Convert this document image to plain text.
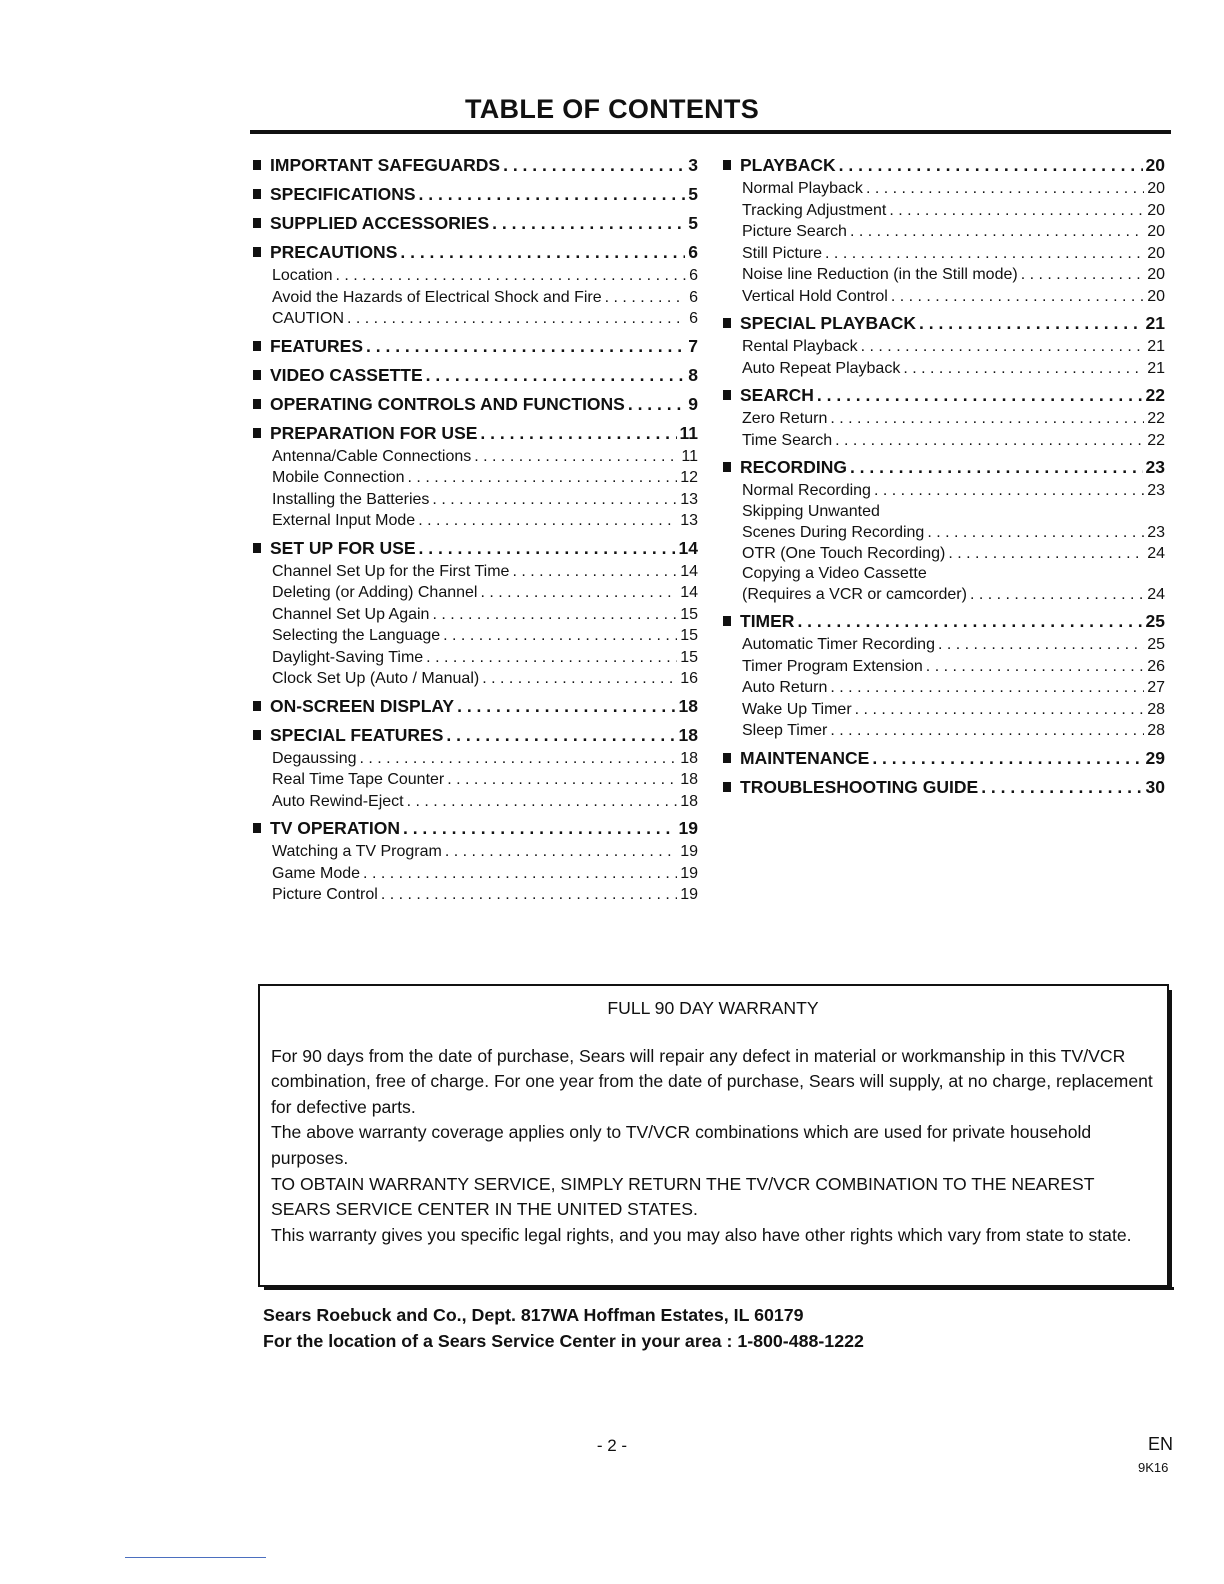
TABLE OF CONTENTS
IMPORTANT SAFEGUARDS . . .	3
SPECIFICATIONS . . .	5
SUPPLIED ACCESSORIES . . .	5
PRECAUTIONS . . .	6
Location . . .	6
Avoid the Hazards of Electrical Shock and Fire . . .	6
CAUTION . . .	6
FEATURES . . .	7
VIDEO CASSETTE . . .	8
OPERATING CONTROLS AND FUNCTIONS . . .	9
PREPARATION FOR USE . . .	11
Antenna/Cable Connections . . .	11
Mobile Connection . . .	12
Installing the Batteries . . .	13
External Input Mode . . .	13
SET UP FOR USE . . .	14
Channel Set Up for the First Time . . .	14
Deleting (or Adding) Channel . . .	14
Channel Set Up Again . . .	15
Selecting the Language . . .	15
Daylight-Saving Time . . .	15
Clock Set Up (Auto / Manual) . . .	16
ON-SCREEN DISPLAY . . .	18
SPECIAL FEATURES . . .	18
Degaussing . . .	18
Real Time Tape Counter . . .	18
Auto Rewind-Eject . . .	18
TV OPERATION . . .	19
Watching a TV Program . . .	19
Game Mode . . .	19
Picture Control . . .	19
PLAYBACK . . .	20
Normal Playback . . .	20
Tracking Adjustment . . .	20
Picture Search . . .	20
Still Picture . . .	20
Noise line Reduction (in the Still mode) . . .	20
Vertical Hold Control . . .	20
SPECIAL PLAYBACK . . .	21
Rental Playback . . .	21
Auto Repeat Playback . . .	21
SEARCH . . .	22
Zero Return . . .	22
Time Search . . .	22
RECORDING . . .	23
Normal Recording . . .	23
Skipping Unwanted
Scenes During Recording . . .	23
OTR (One Touch Recording) . . .	24
Copying a Video Cassette
(Requires a VCR or camcorder) . . .	24
TIMER . . .	25
Automatic Timer Recording . . .	25
Timer Program Extension . . .	26
Auto Return . . .	27
Wake Up Timer . . .	28
Sleep Timer . . .	28
MAINTENANCE . . .	29
TROUBLESHOOTING GUIDE . . .	30
FULL 90 DAY WARRANTY

For 90 days from the date of purchase, Sears will repair any defect in material or workmanship in this TV/VCR combination, free of charge. For one year from the date of purchase, Sears will supply, at no charge, replacement for defective parts.

The above warranty coverage applies only to TV/VCR combinations which are used for private household purposes.

TO OBTAIN WARRANTY SERVICE, SIMPLY RETURN THE TV/VCR COMBINATION TO THE NEAREST SEARS SERVICE CENTER IN THE UNITED STATES.

This warranty gives you specific legal rights, and you may also have other rights which vary from state to state.

Sears Roebuck and Co., Dept. 817WA Hoffman Estates, IL 60179
For the location of a Sears Service Center in your area : 1-800-488-1222
- 2 -	EN
9K16
